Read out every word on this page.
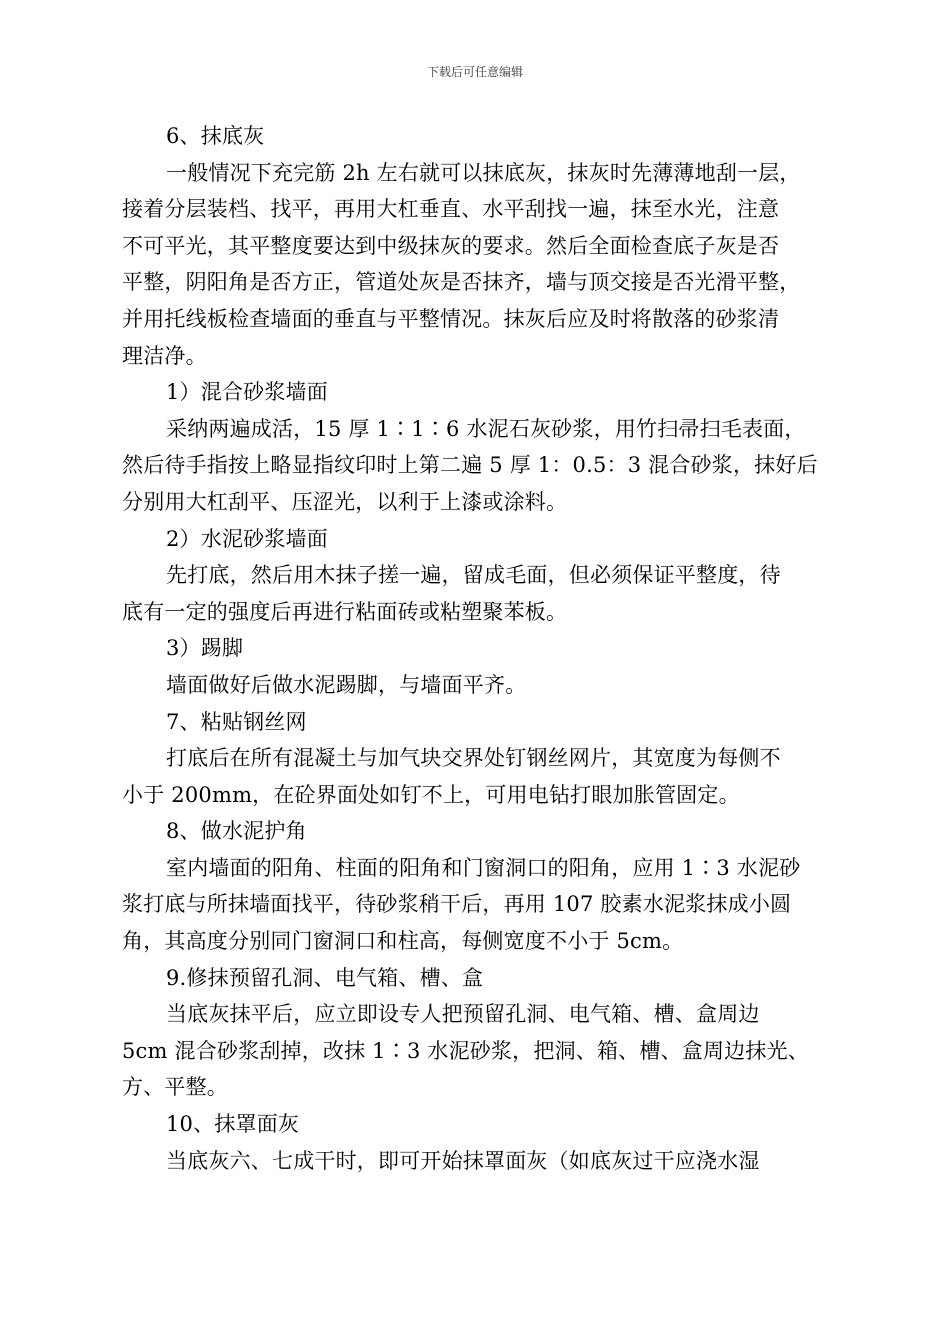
下载后可任意编辑
6、抹底灰
一般情况下充完筋 2h 左右就可以抹底灰，抹灰时先薄薄地刮一层，
接着分层装档、找平，再用大杠垂直、水平刮找一遍，抹至水光，注意
不可平光，其平整度要达到中级抹灰的要求。然后全面检查底子灰是否
平整，阴阳角是否方正，管道处灰是否抹齐，墙与顶交接是否光滑平整，
并用托线板检查墙面的垂直与平整情况。抹灰后应及时将散落的砂浆清
理洁净。
1）混合砂浆墙面
采纳两遍成活，15 厚 1∶1∶6 水泥石灰砂浆，用竹扫帚扫毛表面，
然后待手指按上略显指纹印时上第二遍 5 厚 1：0.5：3 混合砂浆，抹好后
分别用大杠刮平、压涩光，以利于上漆或涂料。
2）水泥砂浆墙面
先打底，然后用木抹子搓一遍，留成毛面，但必须保证平整度，待
底有一定的强度后再进行粘面砖或粘塑聚苯板。
3）踢脚
墙面做好后做水泥踢脚，与墙面平齐。
7、粘贴钢丝网
打底后在所有混凝土与加气块交界处钉钢丝网片，其宽度为每侧不
小于 200mm，在砼界面处如钉不上，可用电钻打眼加胀管固定。
8、做水泥护角
室内墙面的阳角、柱面的阳角和门窗洞口的阳角，应用 1∶3 水泥砂
浆打底与所抹墙面找平，待砂浆稍干后，再用 107 胶素水泥浆抹成小圆
角，其高度分别同门窗洞口和柱高，每侧宽度不小于 5cm。
9.修抹预留孔洞、电气箱、槽、盒
当底灰抹平后，应立即设专人把预留孔洞、电气箱、槽、盒周边
5cm 混合砂浆刮掉，改抹 1∶3 水泥砂浆，把洞、箱、槽、盒周边抹光、
方、平整。
10、抹罩面灰
当底灰六、七成干时，即可开始抹罩面灰（如底灰过干应浇水湿
